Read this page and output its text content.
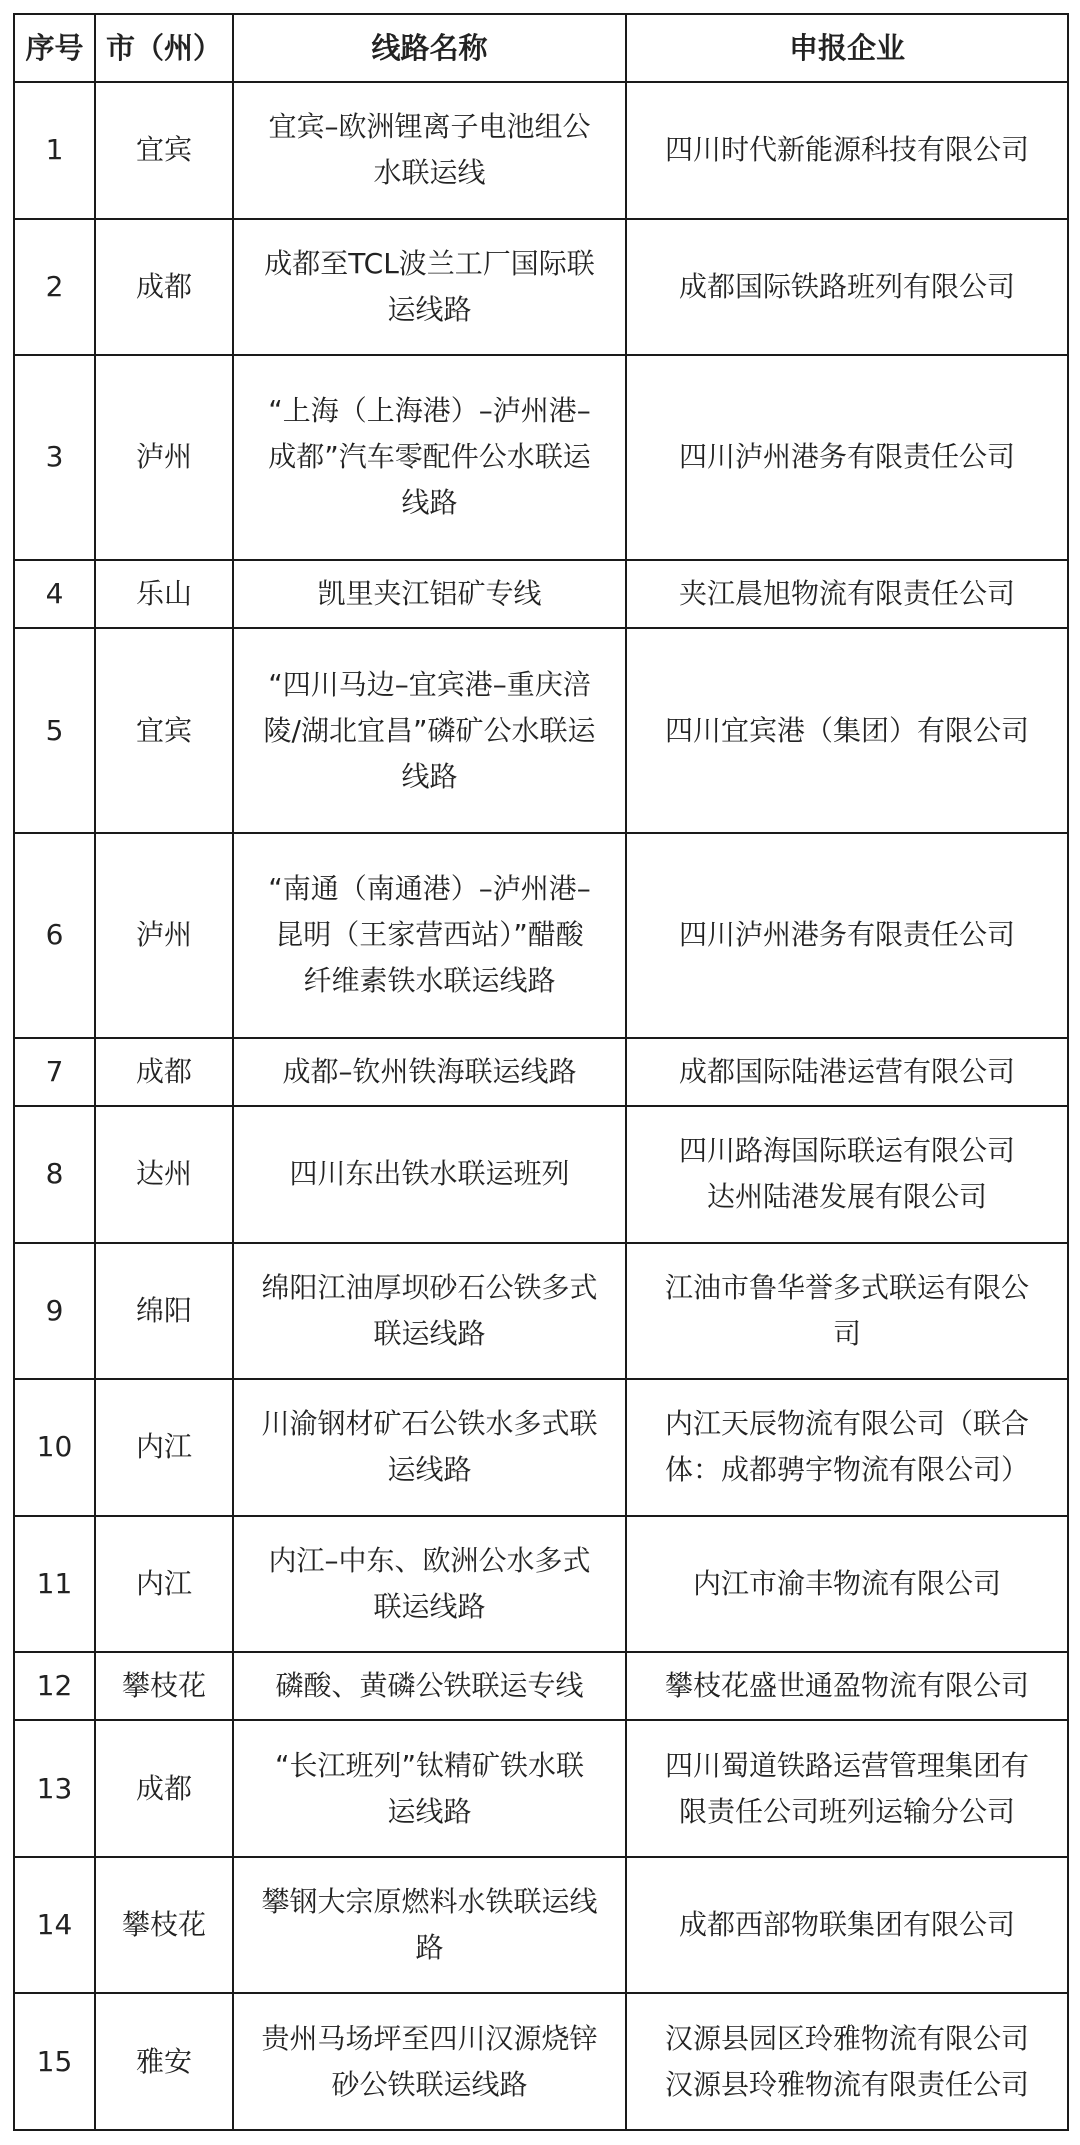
序号	市（州）	线路名称	申报企业
1	宜宾	宜宾–欧洲锂离子电池组公
水联运线	四川时代新能源科技有限公司

2	成都	成都至TCL波兰工厂国际联
运线路	成都国际铁路班列有限公司

3	泸州	“上海（上海港）–泸州港–
成都”汽车零配件公水联运
线路	四川泸州港务有限责任公司

4	乐山	凯里夹江铝矿专线	夹江晨旭物流有限责任公司

5	宜宾	“四川马边–宜宾港–重庆涪
陵/湖北宜昌”磷矿公水联运
线路	四川宜宾港（集团）有限公司

6	泸州	“南通（南通港）–泸州港–
昆明（王家营西站）”醋酸
纤维素铁水联运线路	四川泸州港务有限责任公司

7	成都	成都–钦州铁海联运线路	成都国际陆港运营有限公司

8	达州	四川东出铁水联运班列	四川路海国际联运有限公司
达州陆港发展有限公司

9	绵阳	绵阳江油厚坝砂石公铁多式
联运线路	江油市鲁华誉多式联运有限公
司

10	内江	川渝钢材矿石公铁水多式联
运线路	内江天辰物流有限公司（联合
体：成都骋宇物流有限公司）

11	内江	内江–中东、欧洲公水多式
联运线路	内江市渝丰物流有限公司

12	攀枝花	磷酸、黄磷公铁联运专线	攀枝花盛世通盈物流有限公司

13	成都	“长江班列”钛精矿铁水联
运线路	四川蜀道铁路运营管理集团有
限责任公司班列运输分公司

14	攀枝花	攀钢大宗原燃料水铁联运线
路	成都西部物联集团有限公司

15	雅安	贵州马场坪至四川汉源烧锌
砂公铁联运线路	汉源县园区玲雅物流有限公司
汉源县玲雅物流有限责任公司
